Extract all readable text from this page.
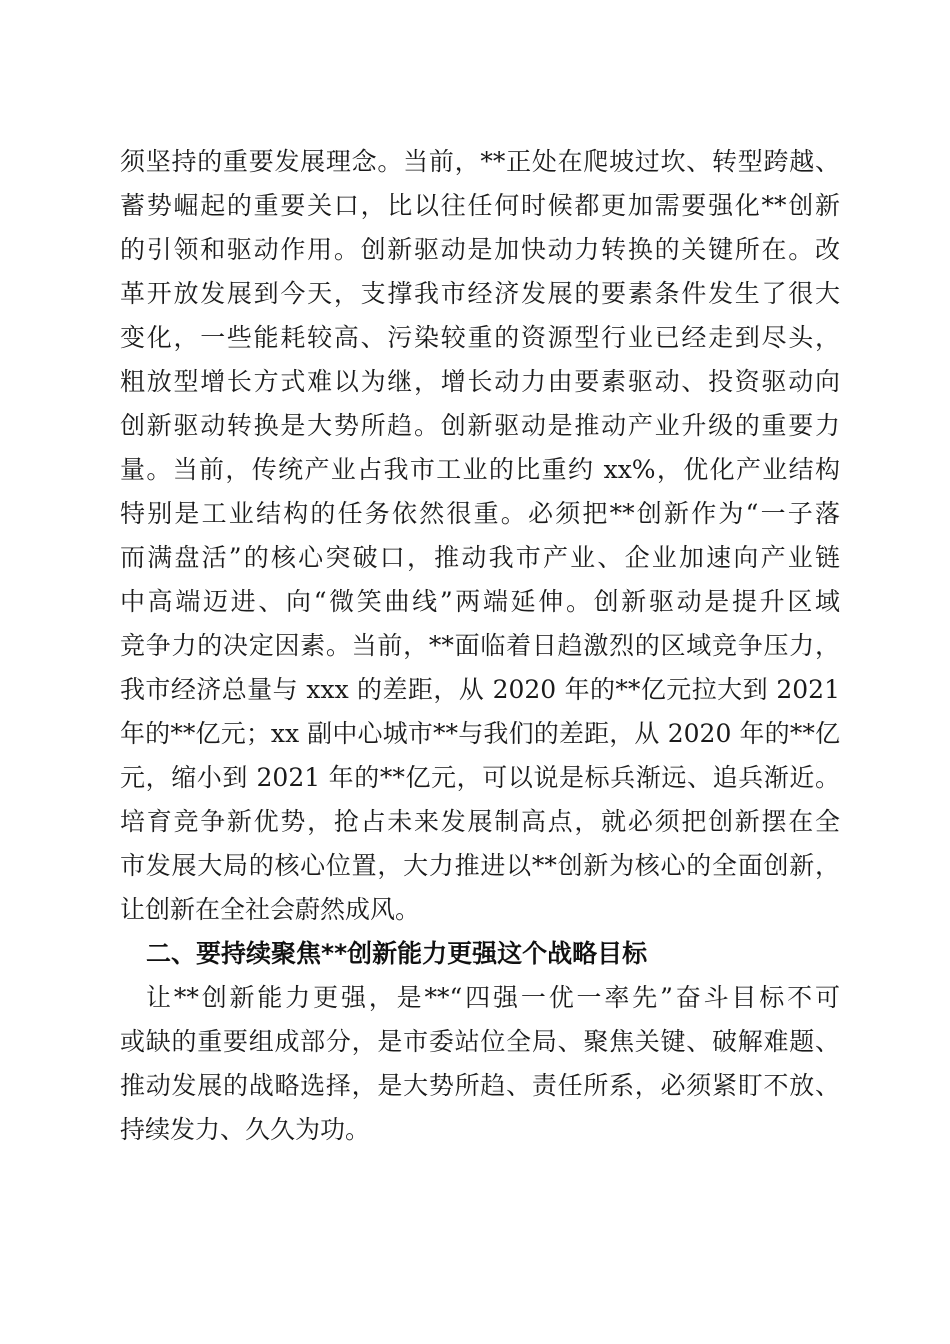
须坚持的重要发展理念。当前，**正处在爬坡过坎、转型跨越、
蓄势崛起的重要关口，比以往任何时候都更加需要强化**创新
的引领和驱动作用。创新驱动是加快动力转换的关键所在。改
革开放发展到今天，支撑我市经济发展的要素条件发生了很大
变化，一些能耗较高、污染较重的资源型行业已经走到尽头，
粗放型增长方式难以为继，增长动力由要素驱动、投资驱动向
创新驱动转换是大势所趋。创新驱动是推动产业升级的重要力
量。当前，传统产业占我市工业的比重约 xx%，优化产业结构
特别是工业结构的任务依然很重。必须把**创新作为“一子落
而满盘活”的核心突破口，推动我市产业、企业加速向产业链
中高端迈进、向“微笑曲线”两端延伸。创新驱动是提升区域
竞争力的决定因素。当前，**面临着日趋激烈的区域竞争压力，
我市经济总量与 xxx 的差距，从 2020 年的**亿元拉大到 2021
年的**亿元；xx 副中心城市**与我们的差距，从 2020 年的**亿
元，缩小到 2021 年的**亿元，可以说是标兵渐远、追兵渐近。
培育竞争新优势，抢占未来发展制高点，就必须把创新摆在全
市发展大局的核心位置，大力推进以**创新为核心的全面创新，
让创新在全社会蔚然成风。
二、要持续聚焦**创新能力更强这个战略目标
让**创新能力更强，是**“四强一优一率先”奋斗目标不可
或缺的重要组成部分，是市委站位全局、聚焦关键、破解难题、
推动发展的战略选择，是大势所趋、责任所系，必须紧盯不放、
持续发力、久久为功。
